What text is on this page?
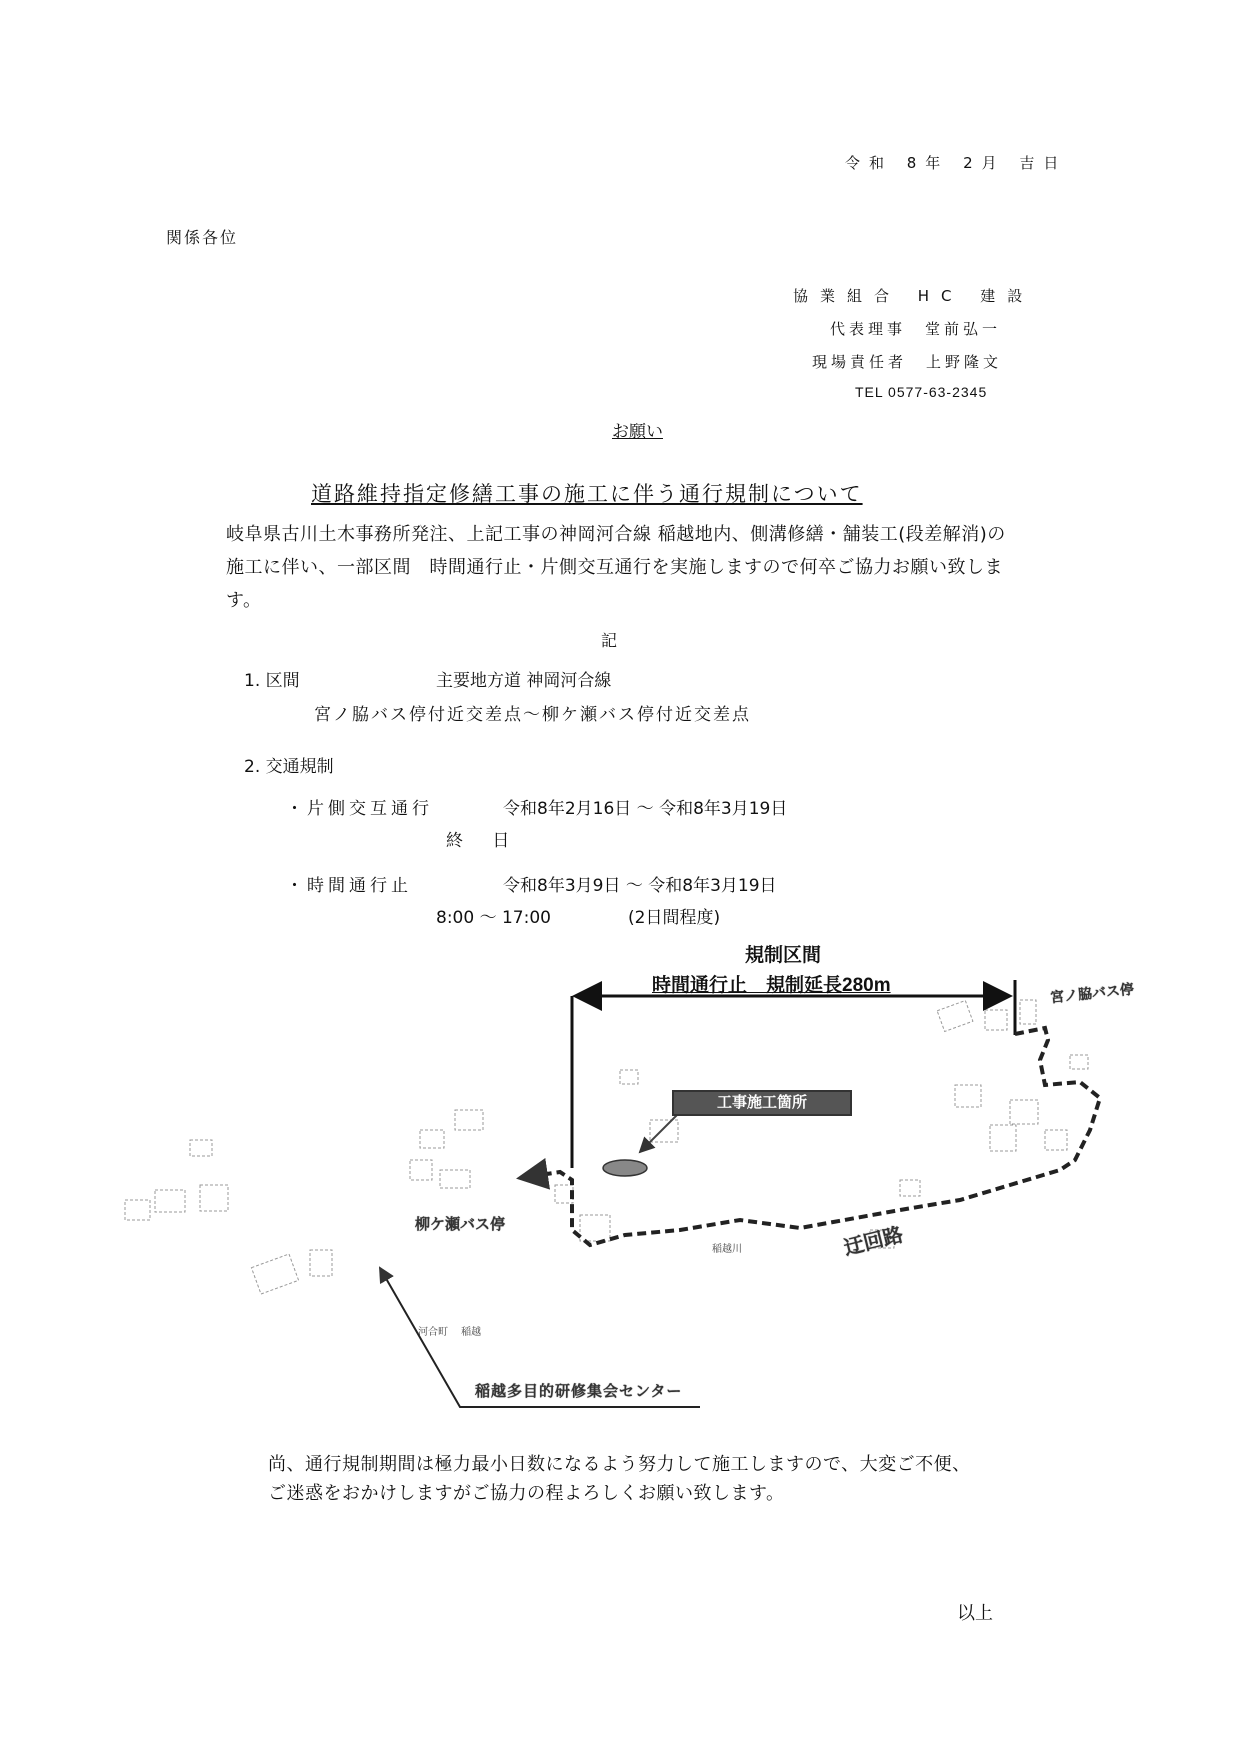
令和 8年 2月 吉日
関係各位
協業組合 HC 建設
代表理事　堂前弘一
現場責任者　上野隆文
TEL 0577-63-2345
お願い
道路維持指定修繕工事の施工に伴う通行規制について
岐阜県古川土木事務所発注、上記工事の神岡河合線 稲越地内、側溝修繕・舗装工(段差解消)の施工に伴い、一部区間　時間通行止・片側交互通行を実施しますので何卒ご協力お願い致します。
記
1. 区間	主要地方道 神岡河合線
宮ノ脇バス停付近交差点～柳ケ瀬バス停付近交差点
2. 交通規制
・片側交互通行	令和8年2月16日 ～ 令和8年3月19日
終 日
・時間通行止	令和8年3月9日 ～ 令和8年3月19日
8:00 ～ 17:00	(2日間程度)
規制区間
時間通行止　規制延長280m
工事施工箇所
宮ノ脇バス停
柳ケ瀬バス停	迂回路
稲越川
河合町 稲越
稲越多目的研修集会センター
尚、通行規制期間は極力最小日数になるよう努力して施工しますので、大変ご不便、ご迷惑をおかけしますがご協力の程よろしくお願い致します。
以上
